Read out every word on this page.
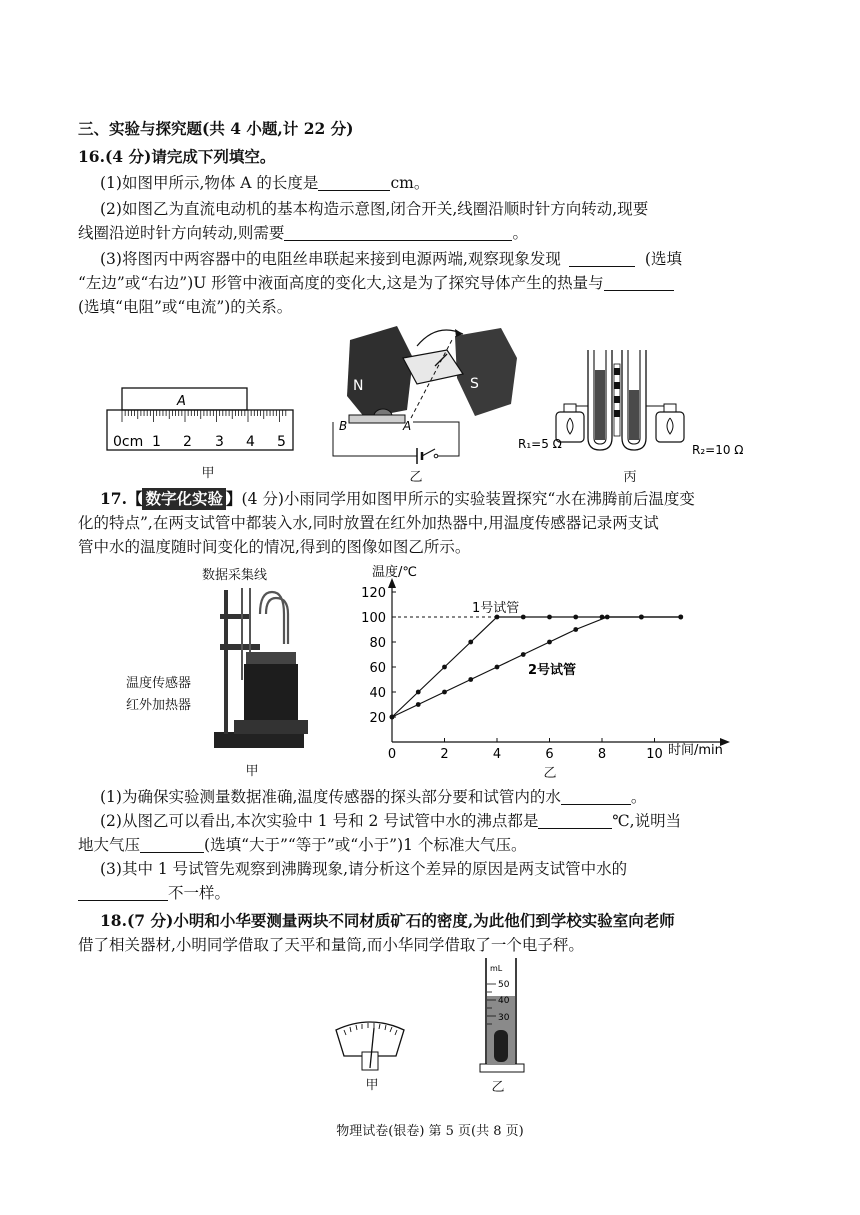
三、实验与探究题(共 4 小题,计 22 分)
16.(4 分)请完成下列填空。
(1)如图甲所示,物体 A 的长度是	cm。
(2)如图乙为直流电动机的基本构造示意图,闭合开关,线圈沿顺时针方向转动,现要
线圈沿逆时针方向转动,则需要	。
(3)将图丙中两容器中的电阻丝串联起来接到电源两端,观察现象发现	(选填
“左边”或“右边”)U 形管中液面高度的变化大,这是为了探究导体产生的热量与
(选填“电阻”或“电流”)的关系。
A
0cm 1 2 3 4 5
甲
N	S
B	A
乙
R₁=5 Ω	R₂=10 Ω
丙
17.【 数字化实验 】(4 分)小雨同学用如图甲所示的实验装置探究“水在沸腾前后温度变
化的特点”,在两支试管中都装入水,同时放置在红外加热器中,用温度传感器记录两支试
管中水的温度随时间变化的情况,得到的图像如图乙所示。
数据采集线
温度传感器
红外加热器
甲
温度/℃
时间/min
20
40
60
80
100
120
0	2	4	6	8	10
1号试管
2号试管
乙
(1)为确保实验测量数据准确,温度传感器的探头部分要和试管内的水	。
(2)从图乙可以看出,本次实验中 1 号和 2 号试管中水的沸点都是	℃,说明当
地大气压	(选填“大于”“等于”或“小于”)1 个标准大气压。
(3)其中 1 号试管先观察到沸腾现象,请分析这个差异的原因是两支试管中水的
不一样。
18.(7 分)小明和小华要测量两块不同材质矿石的密度,为此他们到学校实验室向老师
借了相关器材,小明同学借取了天平和量筒,而小华同学借取了一个电子秤。
甲
mL
50
40
30
乙
物理试卷(银卷) 第 5 页(共 8 页)
